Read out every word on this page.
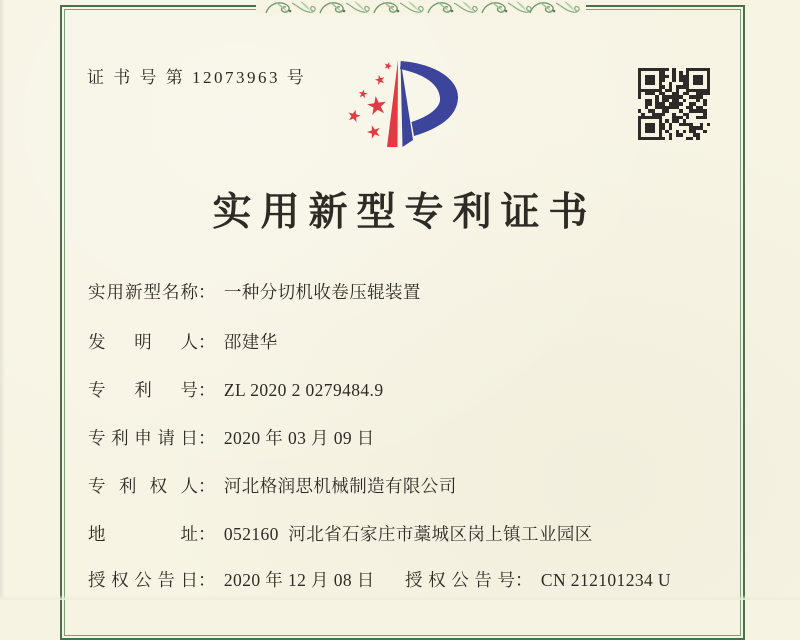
证 书 号 第 12073963 号
实用新型专利证书
实用新型名称： 一种分切机收卷压辊装置
发明人： 邵建华
专利号： ZL 2020 2 0279484.9
专利申请日： 2020 年 03 月 09 日
专利权人： 河北格润思机械制造有限公司
地址： 052160  河北省石家庄市藁城区岗上镇工业园区
授权公告日： 2020 年 12 月 08 日 授权公告号： CN 212101234 U
